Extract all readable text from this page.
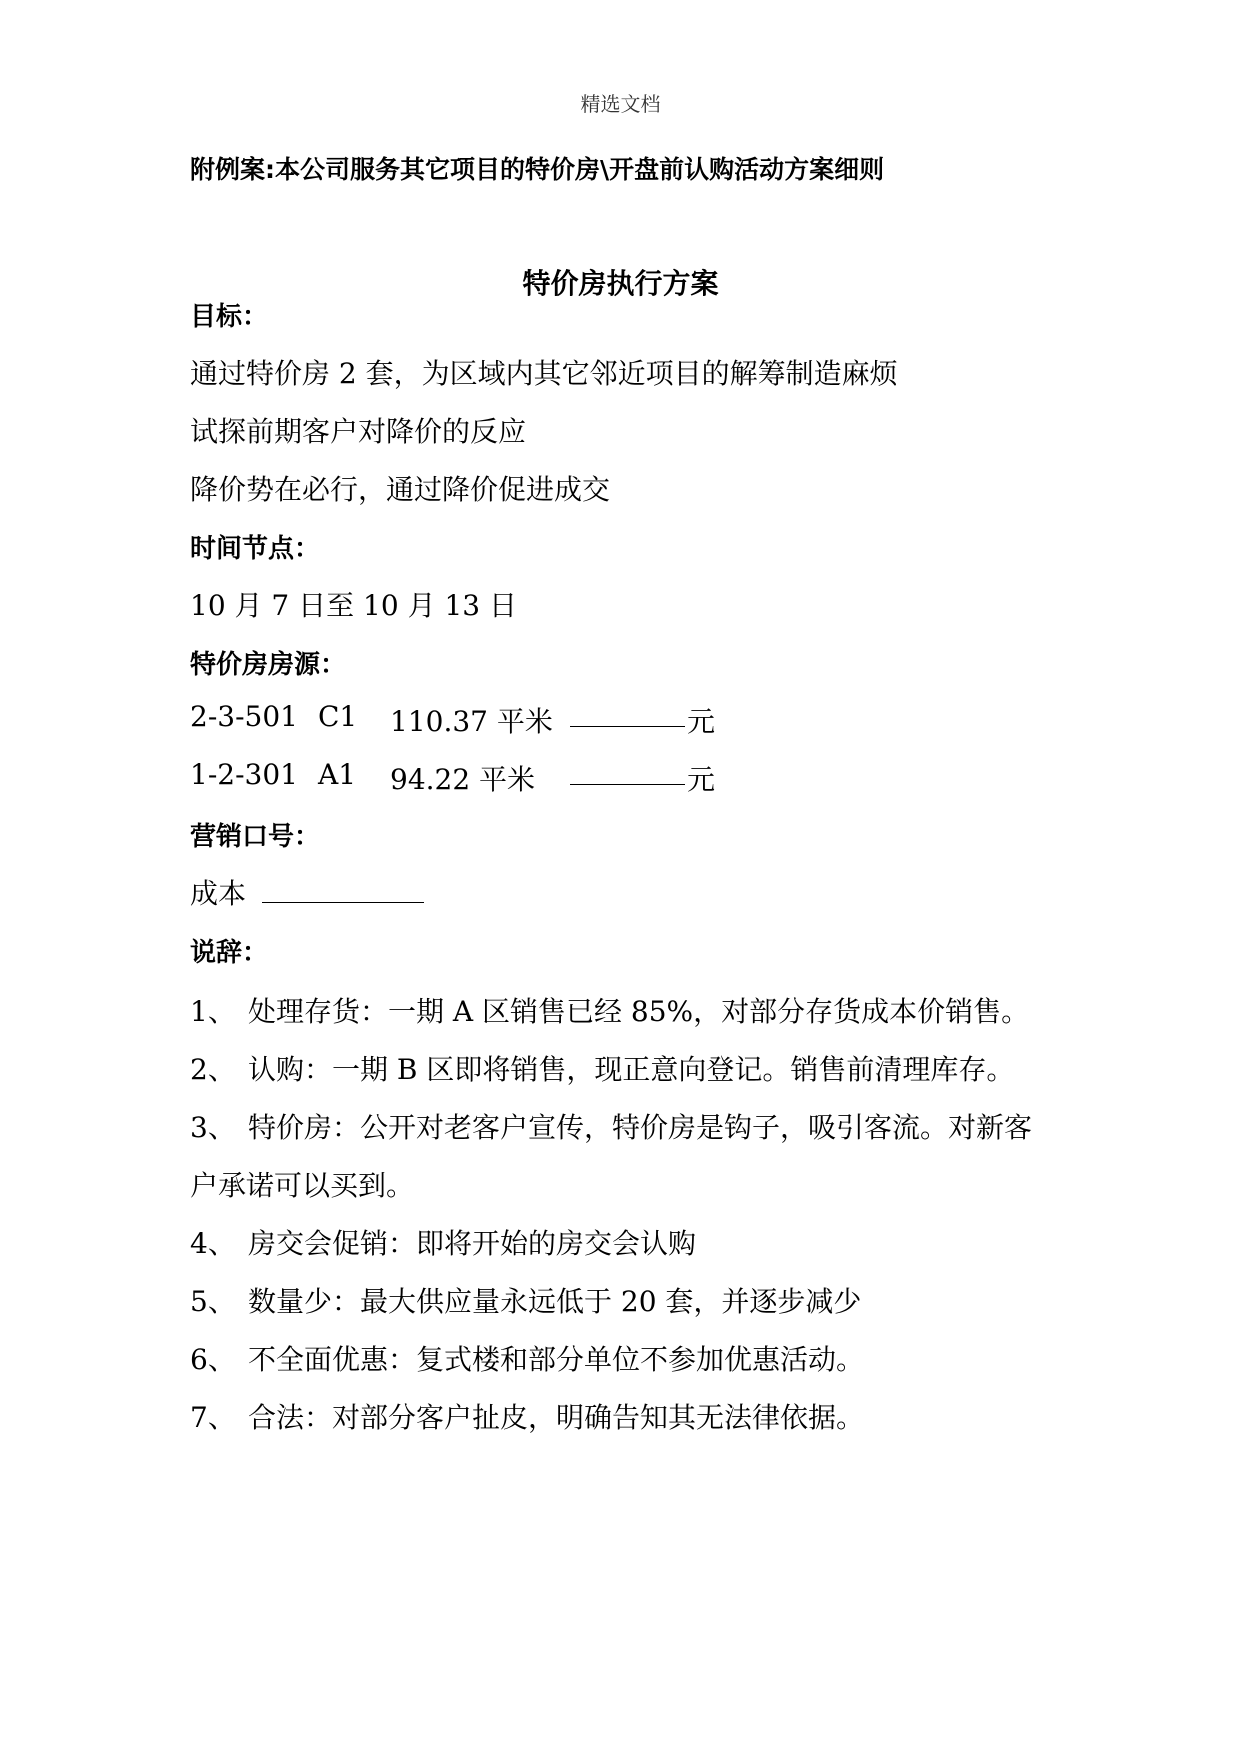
精选文档
附例案:本公司服务其它项目的特价房\开盘前认购活动方案细则
特价房执行方案
目标：
通过特价房 2 套，为区域内其它邻近项目的解筹制造麻烦
试探前期客户对降价的反应
降价势在必行，通过降价促进成交
时间节点：
10 月 7 日至 10 月 13 日
特价房房源：
2-3-501 C1 110.37 平米	元
1-2-301 A1 94.22 平米	元
营销口号：
成本
说辞：
1、 处理存货：一期 A 区销售已经 85%，对部分存货成本价销售。
2、 认购：一期 B 区即将销售，现正意向登记。销售前清理库存。
3、 特价房：公开对老客户宣传，特价房是钩子，吸引客流。对新客
户承诺可以买到。
4、 房交会促销：即将开始的房交会认购
5、 数量少：最大供应量永远低于 20 套，并逐步减少
6、 不全面优惠：复式楼和部分单位不参加优惠活动。
7、 合法：对部分客户扯皮，明确告知其无法律依据。
